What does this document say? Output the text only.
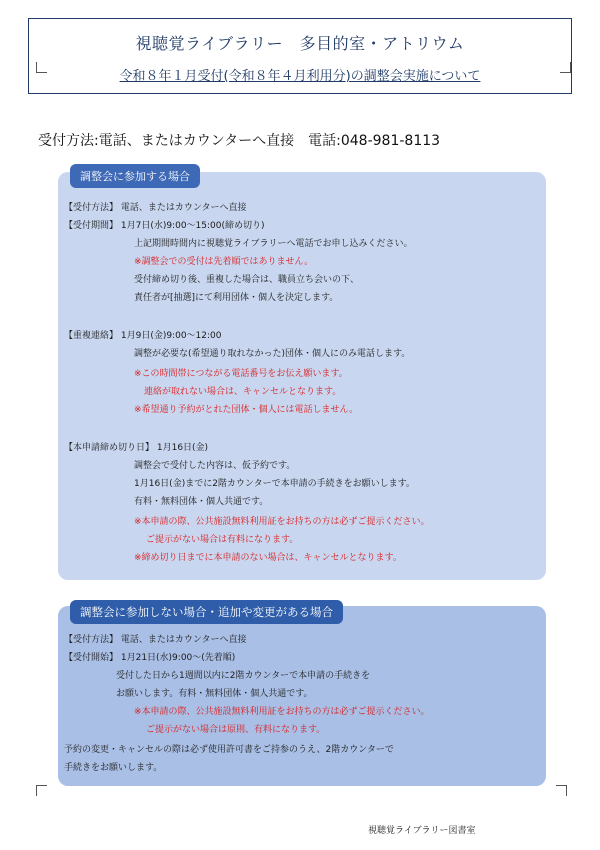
視聴覚ライブラリー　多目的室・アトリウム
令和８年１月受付(令和８年４月利用分)の調整会実施について
受付方法:電話、またはカウンターへ直接　電話:048-981-8113
調整会に参加する場合
【受付方法】 電話、またはカウンターへ直接
【受付期間】 1月7日(水)9:00～15:00(締め切り)
上記期間時間内に視聴覚ライブラリーへ電話でお申し込みください。
※調整会での受付は先着順ではありません。
受付締め切り後、重複した場合は、職員立ち会いの下、
責任者が[抽選]にて利用団体・個人を決定します。
【重複連絡】 1月9日(金)9:00～12:00
調整が必要な(希望通り取れなかった)団体・個人にのみ電話します。
※この時間帯につながる電話番号をお伝え願います。
連絡が取れない場合は、キャンセルとなります。
※希望通り予約がとれた団体・個人には電話しません。
【本申請締め切り日】 1月16日(金)
調整会で受付した内容は、仮予約です。
1月16日(金)までに2階カウンターで本申請の手続きをお願いします。
有料・無料団体・個人共通です。
※本申請の際、公共施設無料利用証をお持ちの方は必ずご提示ください。
ご提示がない場合は有料になります。
※締め切り日までに本申請のない場合は、キャンセルとなります。
調整会に参加しない場合・追加や変更がある場合
【受付方法】 電話、またはカウンターへ直接
【受付開始】 1月21日(水)9:00～(先着順)
受付した日から1週間以内に2階カウンターで本申請の手続きを
お願いします。有料・無料団体・個人共通です。
※本申請の際、公共施設無料利用証をお持ちの方は必ずご提示ください。
ご提示がない場合は原則、有料になります。
予約の変更・キャンセルの際は必ず使用許可書をご持参のうえ、2階カウンターで
手続きをお願いします。
視聴覚ライブラリー図書室
